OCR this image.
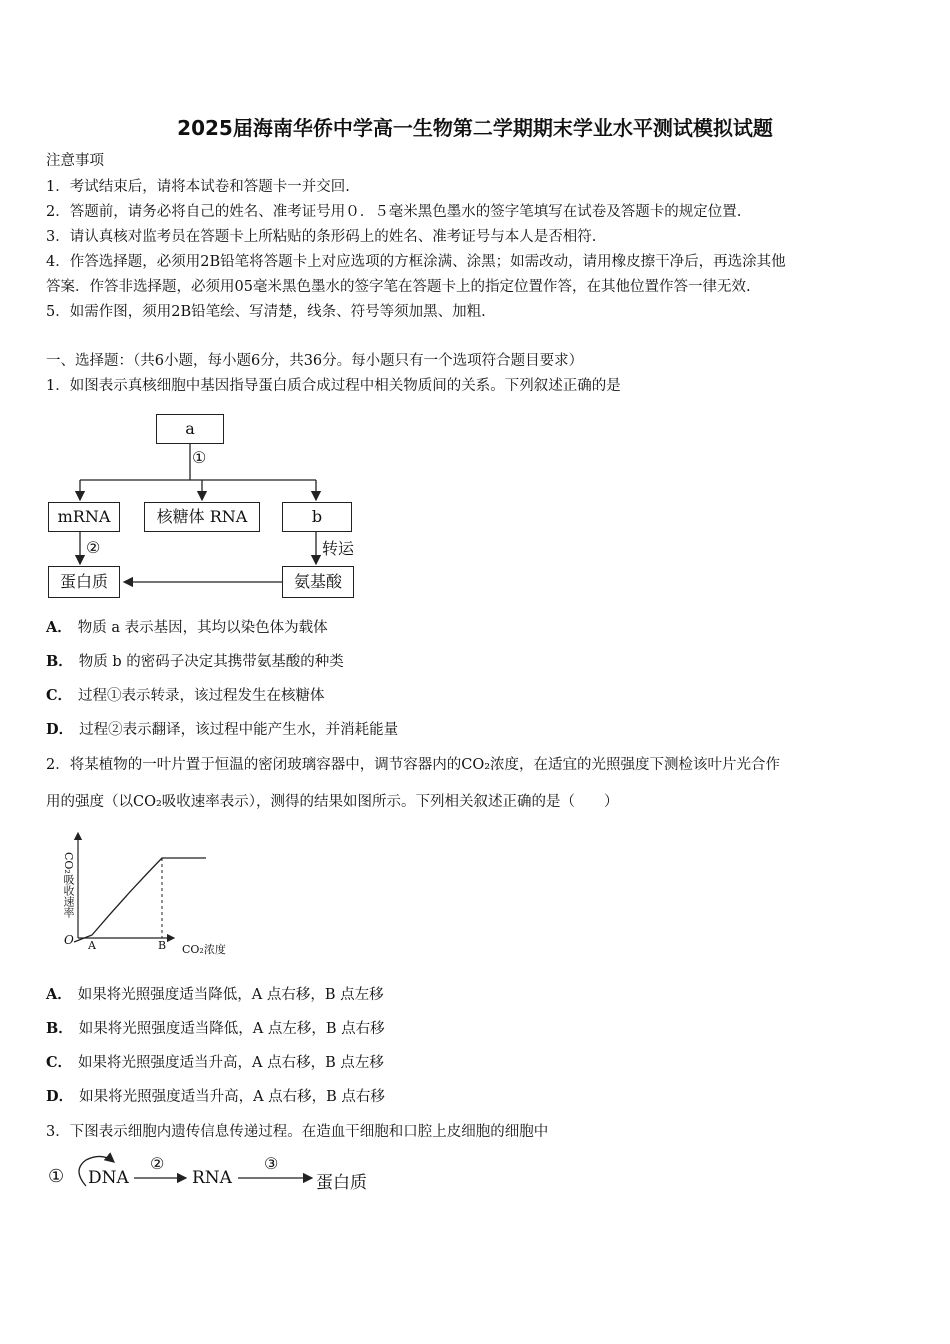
2025届海南华侨中学高一生物第二学期期末学业水平测试模拟试题
注意事项
1．考试结束后，请将本试卷和答题卡一并交回.
2．答题前，请务必将自己的姓名、准考证号用０．５毫米黑色墨水的签字笔填写在试卷及答题卡的规定位置.
3．请认真核对监考员在答题卡上所粘贴的条形码上的姓名、准考证号与本人是否相符.
4．作答选择题，必须用2B铅笔将答题卡上对应选项的方框涂满、涂黑；如需改动，请用橡皮擦干净后，再选涂其他
答案．作答非选择题，必须用05毫米黑色墨水的签字笔在答题卡上的指定位置作答，在其他位置作答一律无效.
5．如需作图，须用2B铅笔绘、写清楚，线条、符号等须加黑、加粗.
一、选择题：（共6小题，每小题6分，共36分。每小题只有一个选项符合题目要求）
1．如图表示真核细胞中基因指导蛋白质合成过程中相关物质间的关系。下列叙述正确的是
a
①
mRNA	核糖体 RNA	b
②	转运
蛋白质	氨基酸
A． 物质 a 表示基因，其均以染色体为载体
B． 物质 b 的密码子决定其携带氨基酸的种类
C． 过程①表示转录，该过程发生在核糖体
D． 过程②表示翻译，该过程中能产生水，并消耗能量
2．将某植物的一叶片置于恒温的密闭玻璃容器中，调节容器内的CO₂浓度，在适宜的光照强度下测检该叶片光合作
用的强度（以CO₂吸收速率表示），测得的结果如图所示。下列相关叙述正确的是（　　）
CO₂吸收速率
O A	B CO₂浓度
A． 如果将光照强度适当降低，A 点右移，B 点左移
B． 如果将光照强度适当降低，A 点左移，B 点右移
C． 如果将光照强度适当升高，A 点右移，B 点左移
D． 如果将光照强度适当升高，A 点右移，B 点右移
3．下图表示细胞内遗传信息传递过程。在造血干细胞和口腔上皮细胞的细胞中
① DNA
②
RNA
③
蛋白质
